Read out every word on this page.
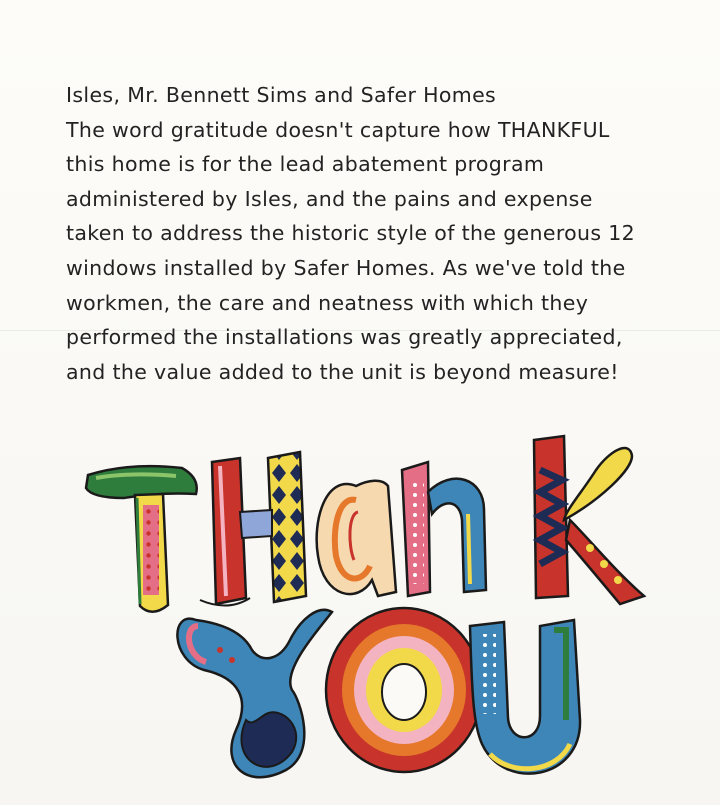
Isles, Mr. Bennett Sims and Safer Homes

The word gratitude doesn't capture how THANKFUL

this home is for the lead abatement program

administered by Isles, and the pains and expense

taken to address the historic style of the generous 12

windows installed by Safer Homes. As we've told the

workmen, the care and neatness with which they

performed the installations was greatly appreciated,

and the value added to the unit is beyond measure!
